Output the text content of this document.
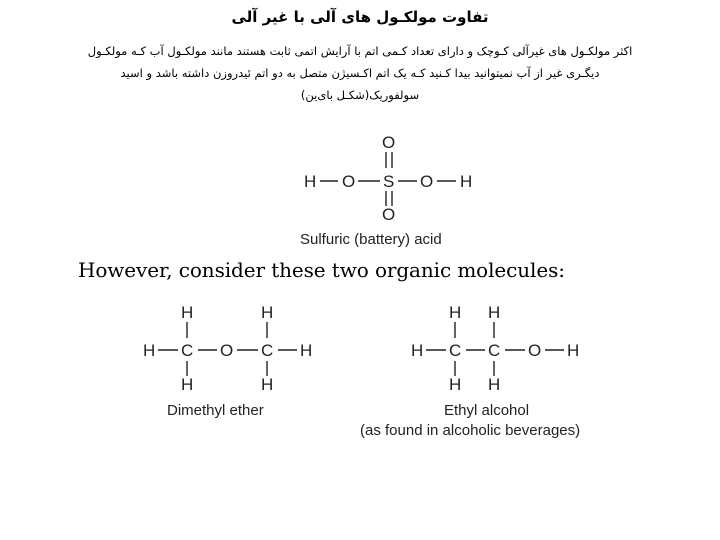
تفاوت مولکـول های آلی با غیر آلی
اکثر مولکـول های غیرآلی کـوچک و دارای تعداد کـمی اتم با آرایش اتمی ثابت هستند مانند مولکـول آب کـه مولکـول
دیگـری غیر از آب نمیتوانید بیدا کـنید کـه یک اتم اکـسیژن متصل به دو اتم ئیدروزن داشته باشد و اسید
سولفوریک(شکـل بای‌ین)
H O S
O
O
O H
Sulfuric (battery) acid
However, consider these two organic molecules:
H	H
H C O C H
H	H
Dimethyl ether
H H
H C C O H
H H
Ethyl alcohol
(as found in alcoholic beverages)
